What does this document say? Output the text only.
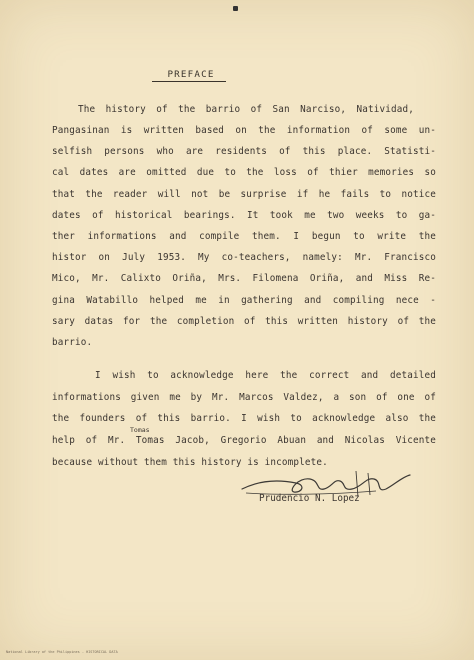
PREFACE
The history of the barrio of San Narciso, Natividad,
Pangasinan is written based on the information of some un-
selfish persons who are residents of this place. Statisti-
cal dates are omitted due to the loss of thier memories so
that the reader will not be surprise if he fails to notice
dates of historical bearings. It took me two weeks to ga-
ther informations and compile them. I begun to write the
histor on July 1953. My co-teachers, namely: Mr. Francisco
Mico, Mr. Calixto Oriña, Mrs. Filomena Oriña, and Miss Re-
gina Watabillo helped me in gathering and compiling nece -
sary datas for the completion of this written history of the
barrio.
I wish to acknowledge here the correct and detailed
informations given me by Mr. Marcos Valdez, a son of one of
the founders of this barrio. I wish to acknowledge also the
Tomas
help of Mr. Tomas Jacob, Gregorio Abuan and Nicolas Vicente
because without them this history is incomplete.
Prudencio N. Lopez
National Library of the Philippines - HISTORICAL DATA
